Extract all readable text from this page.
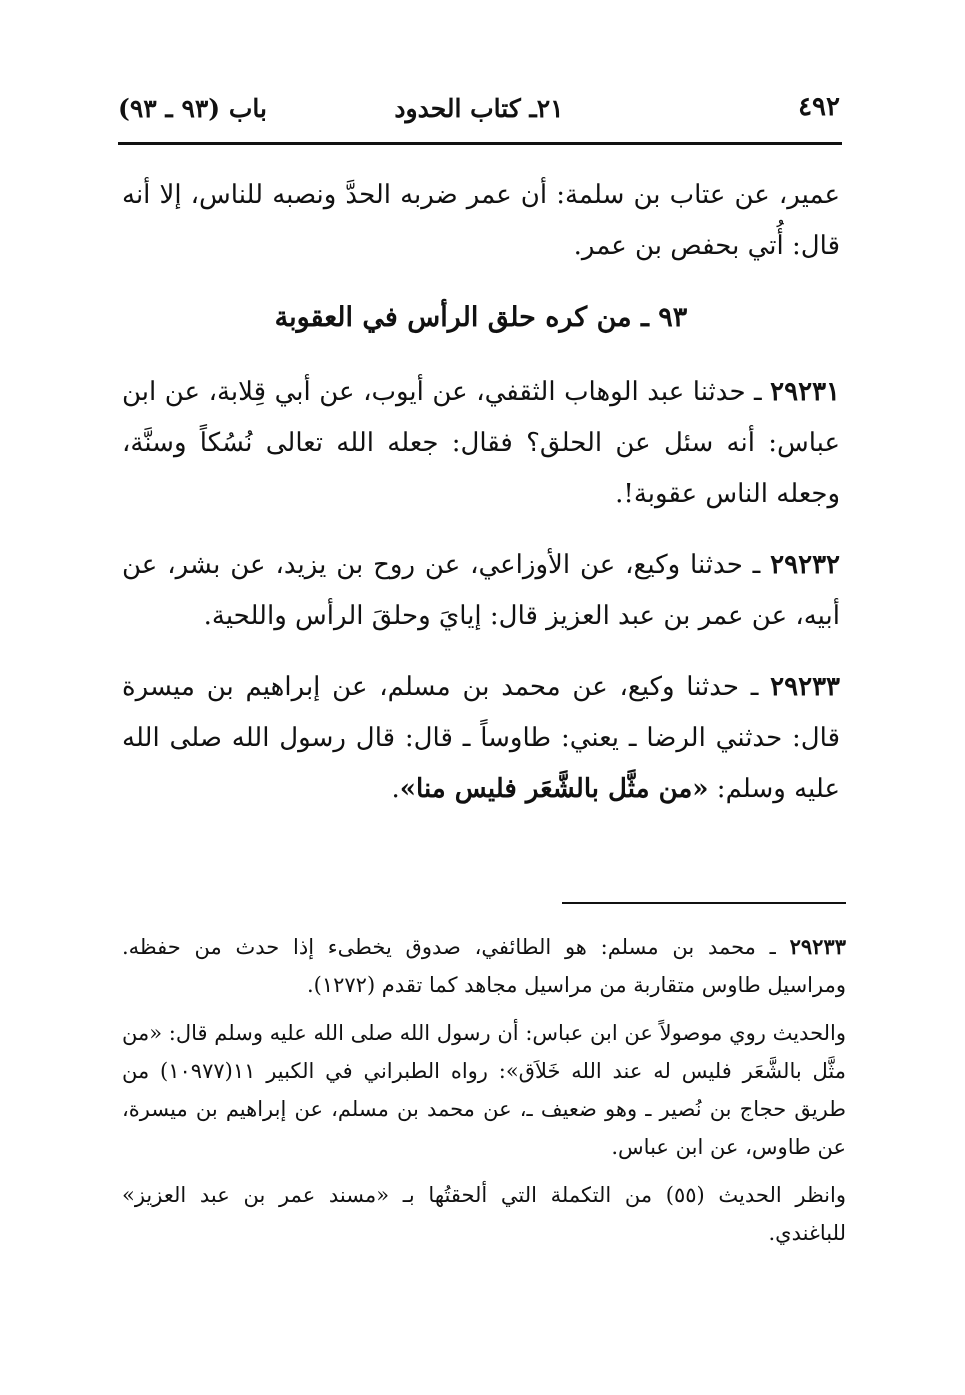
٤٩٢
٢١ـ كتاب الحدود
باب (٩٣ ـ ٩٣)

عمير، عن عتاب بن سلمة: أن عمر ضربه الحدَّ ونصبه للناس، إلا أنه قال: أُتي بحفص بن عمر.

٩٣ ـ من كره حلق الرأس في العقوبة

٢٩٢٣١ ـ حدثنا عبد الوهاب الثقفي، عن أيوب، عن أبي قِلابة، عن ابن عباس: أنه سئل عن الحلق؟ فقال: جعله الله تعالى نُسُكاً وسنَّة، وجعله الناس عقوبة!.

٢٩٢٣٢ ـ حدثنا وكيع، عن الأوزاعي، عن روح بن يزيد، عن بشر، عن أبيه، عن عمر بن عبد العزيز قال: إيايَ وحلقَ الرأس واللحية.

٢٩٢٣٣ ـ حدثنا وكيع، عن محمد بن مسلم، عن إبراهيم بن ميسرة قال: حدثني الرضا ـ يعني: طاوساً ـ قال: قال رسول الله صلى الله عليه وسلم: «من مثَّل بالشَّعَر فليس منا».

٢٩٢٣٣ ـ محمد بن مسلم: هو الطائفي، صدوق يخطىء إذا حدث من حفظه. ومراسيل طاوس متقاربة من مراسيل مجاهد كما تقدم (١٢٧٢).

والحديث روي موصولاً عن ابن عباس: أن رسول الله صلى الله عليه وسلم قال: «من مثَّل بالشَّعَر فليس له عند الله خَلاَق»: رواه الطبراني في الكبير ١١(١٠٩٧٧) من طريق حجاج بن نُصير ـ وهو ضعيف ـ، عن محمد بن مسلم، عن إبراهيم بن ميسرة، عن طاوس، عن ابن عباس.

وانظر الحديث (٥٥) من التكملة التي ألحقتُها بـ «مسند عمر بن عبد العزيز» للباغندي.
